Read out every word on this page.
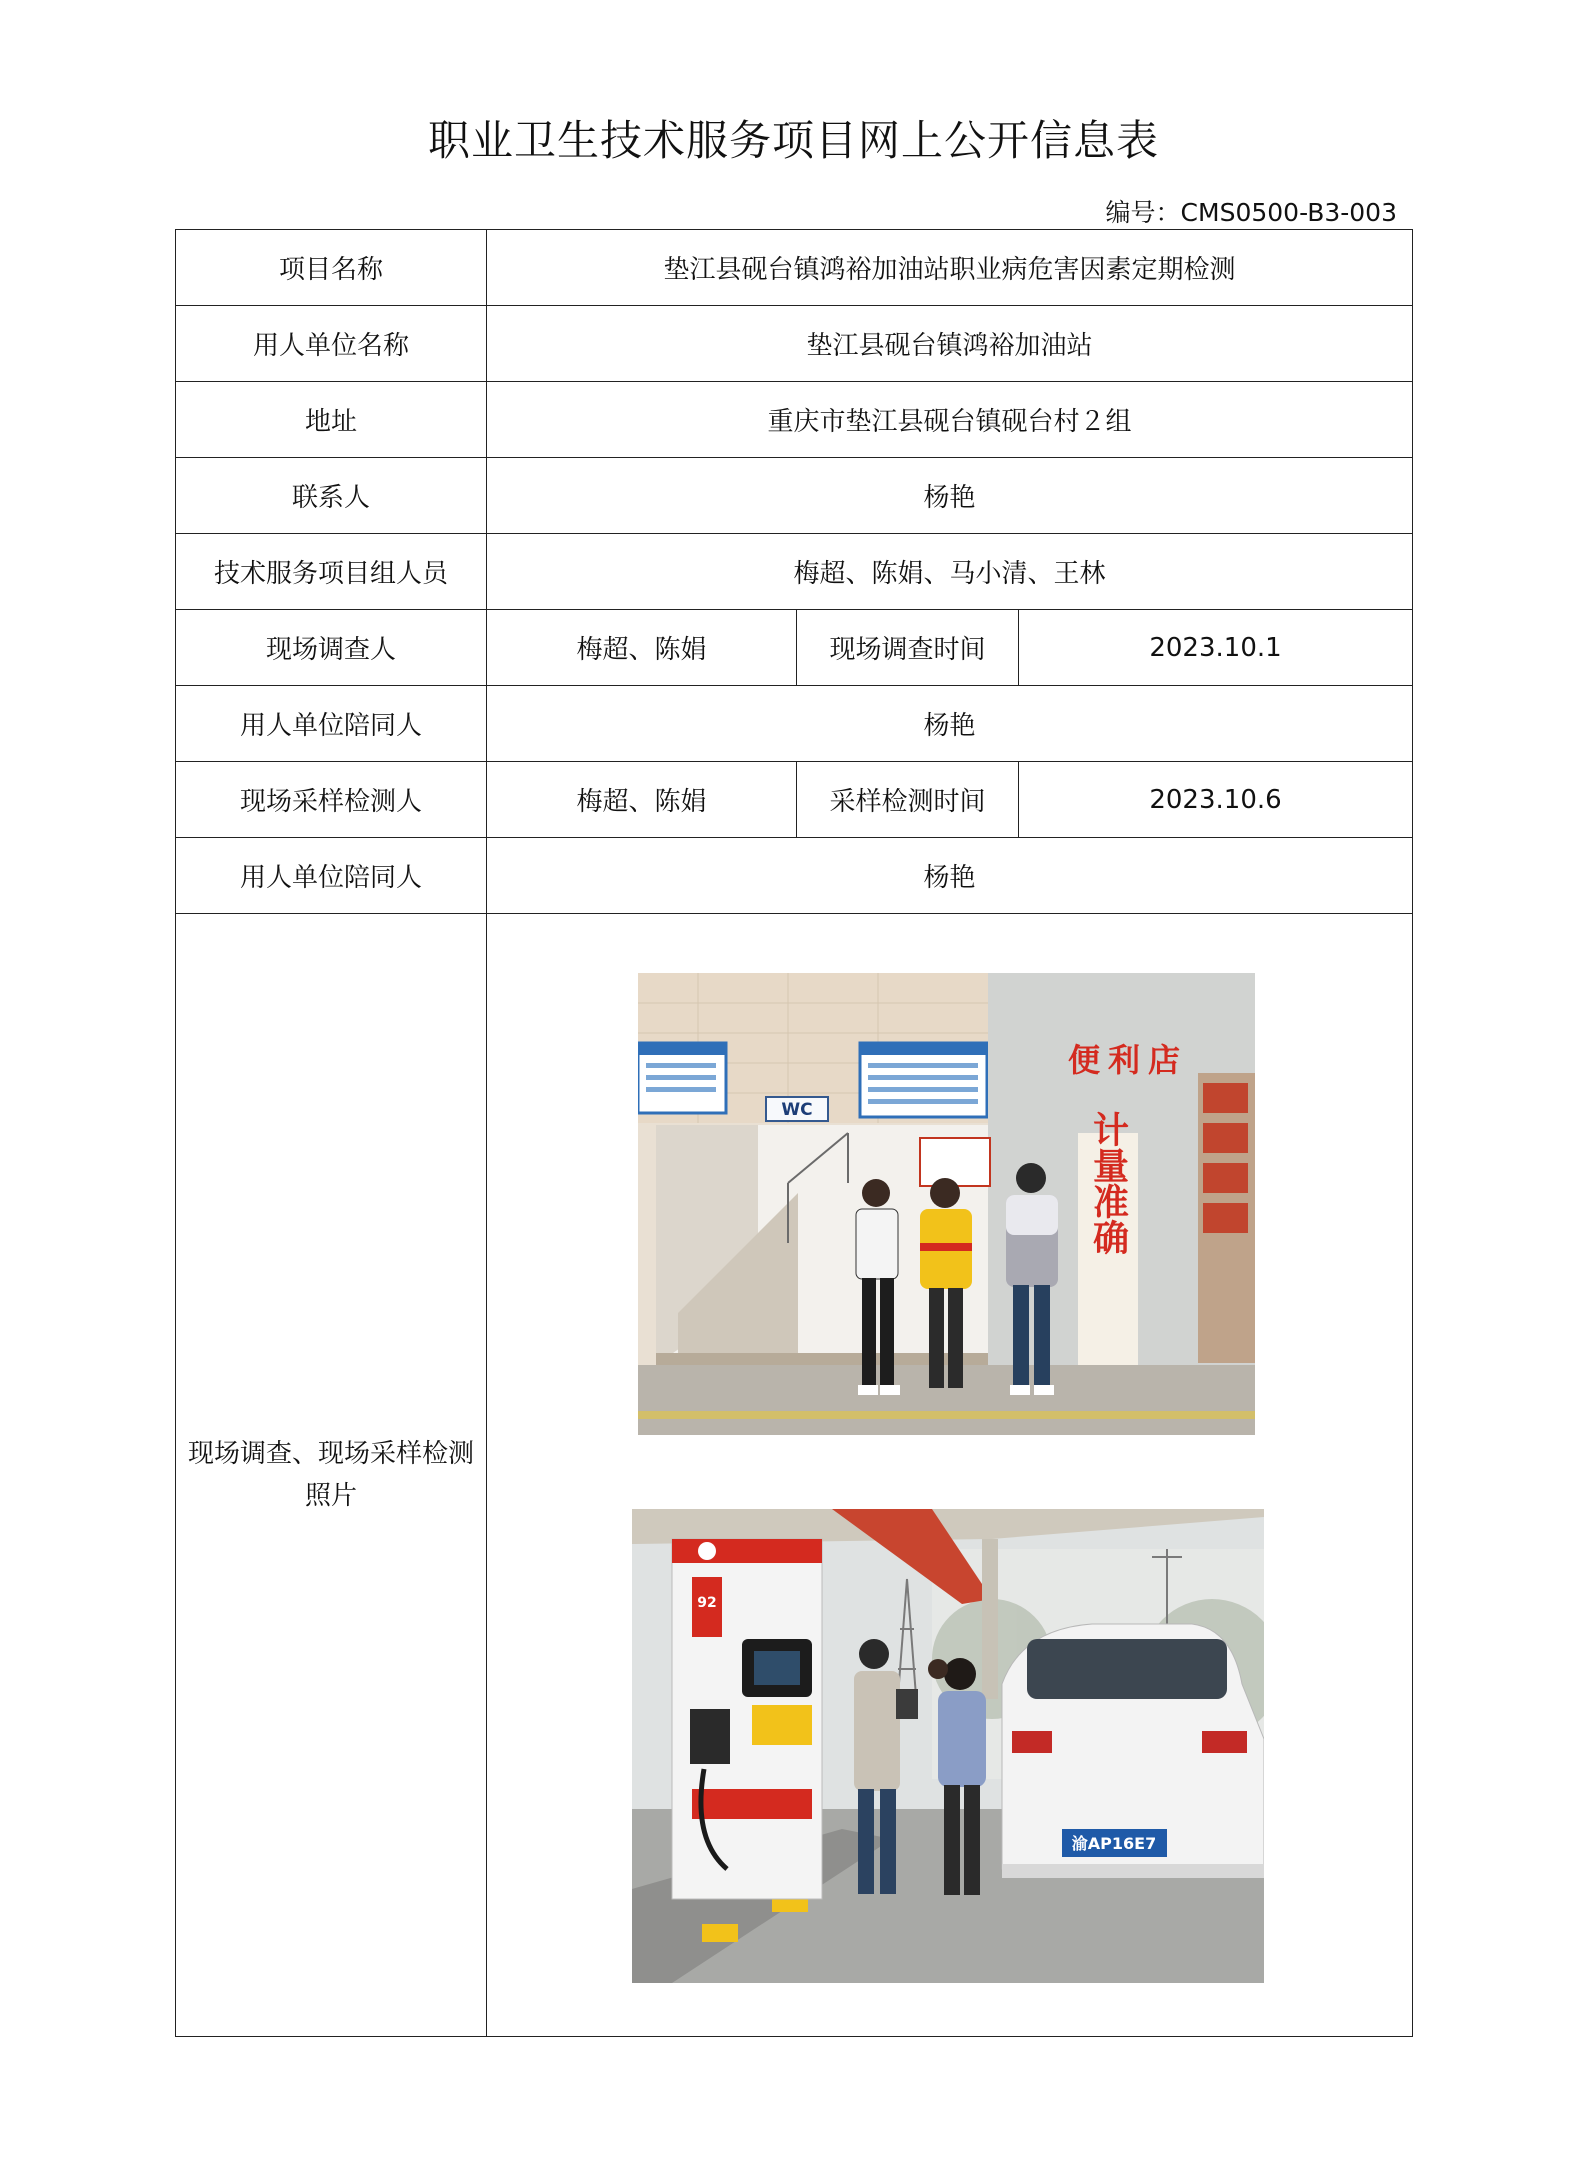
职业卫生技术服务项目网上公开信息表
编号：CMS0500-B3-003
项目名称	垫江县砚台镇鸿裕加油站职业病危害因素定期检测		
用人单位名称	垫江县砚台镇鸿裕加油站		
地址	重庆市垫江县砚台镇砚台村２组		
联系人	杨艳		
技术服务项目组人员	梅超、陈娟、马小清、王林		
现场调查人	梅超、陈娟	现场调查时间	2023.10.1
用人单位陪同人	杨艳		
现场采样检测人	梅超、陈娟	采样检测时间	2023.10.6
用人单位陪同人	杨艳		
现场调查、现场采样检测照片	WC
便利店
计量准确
92
渝AP16E7		
